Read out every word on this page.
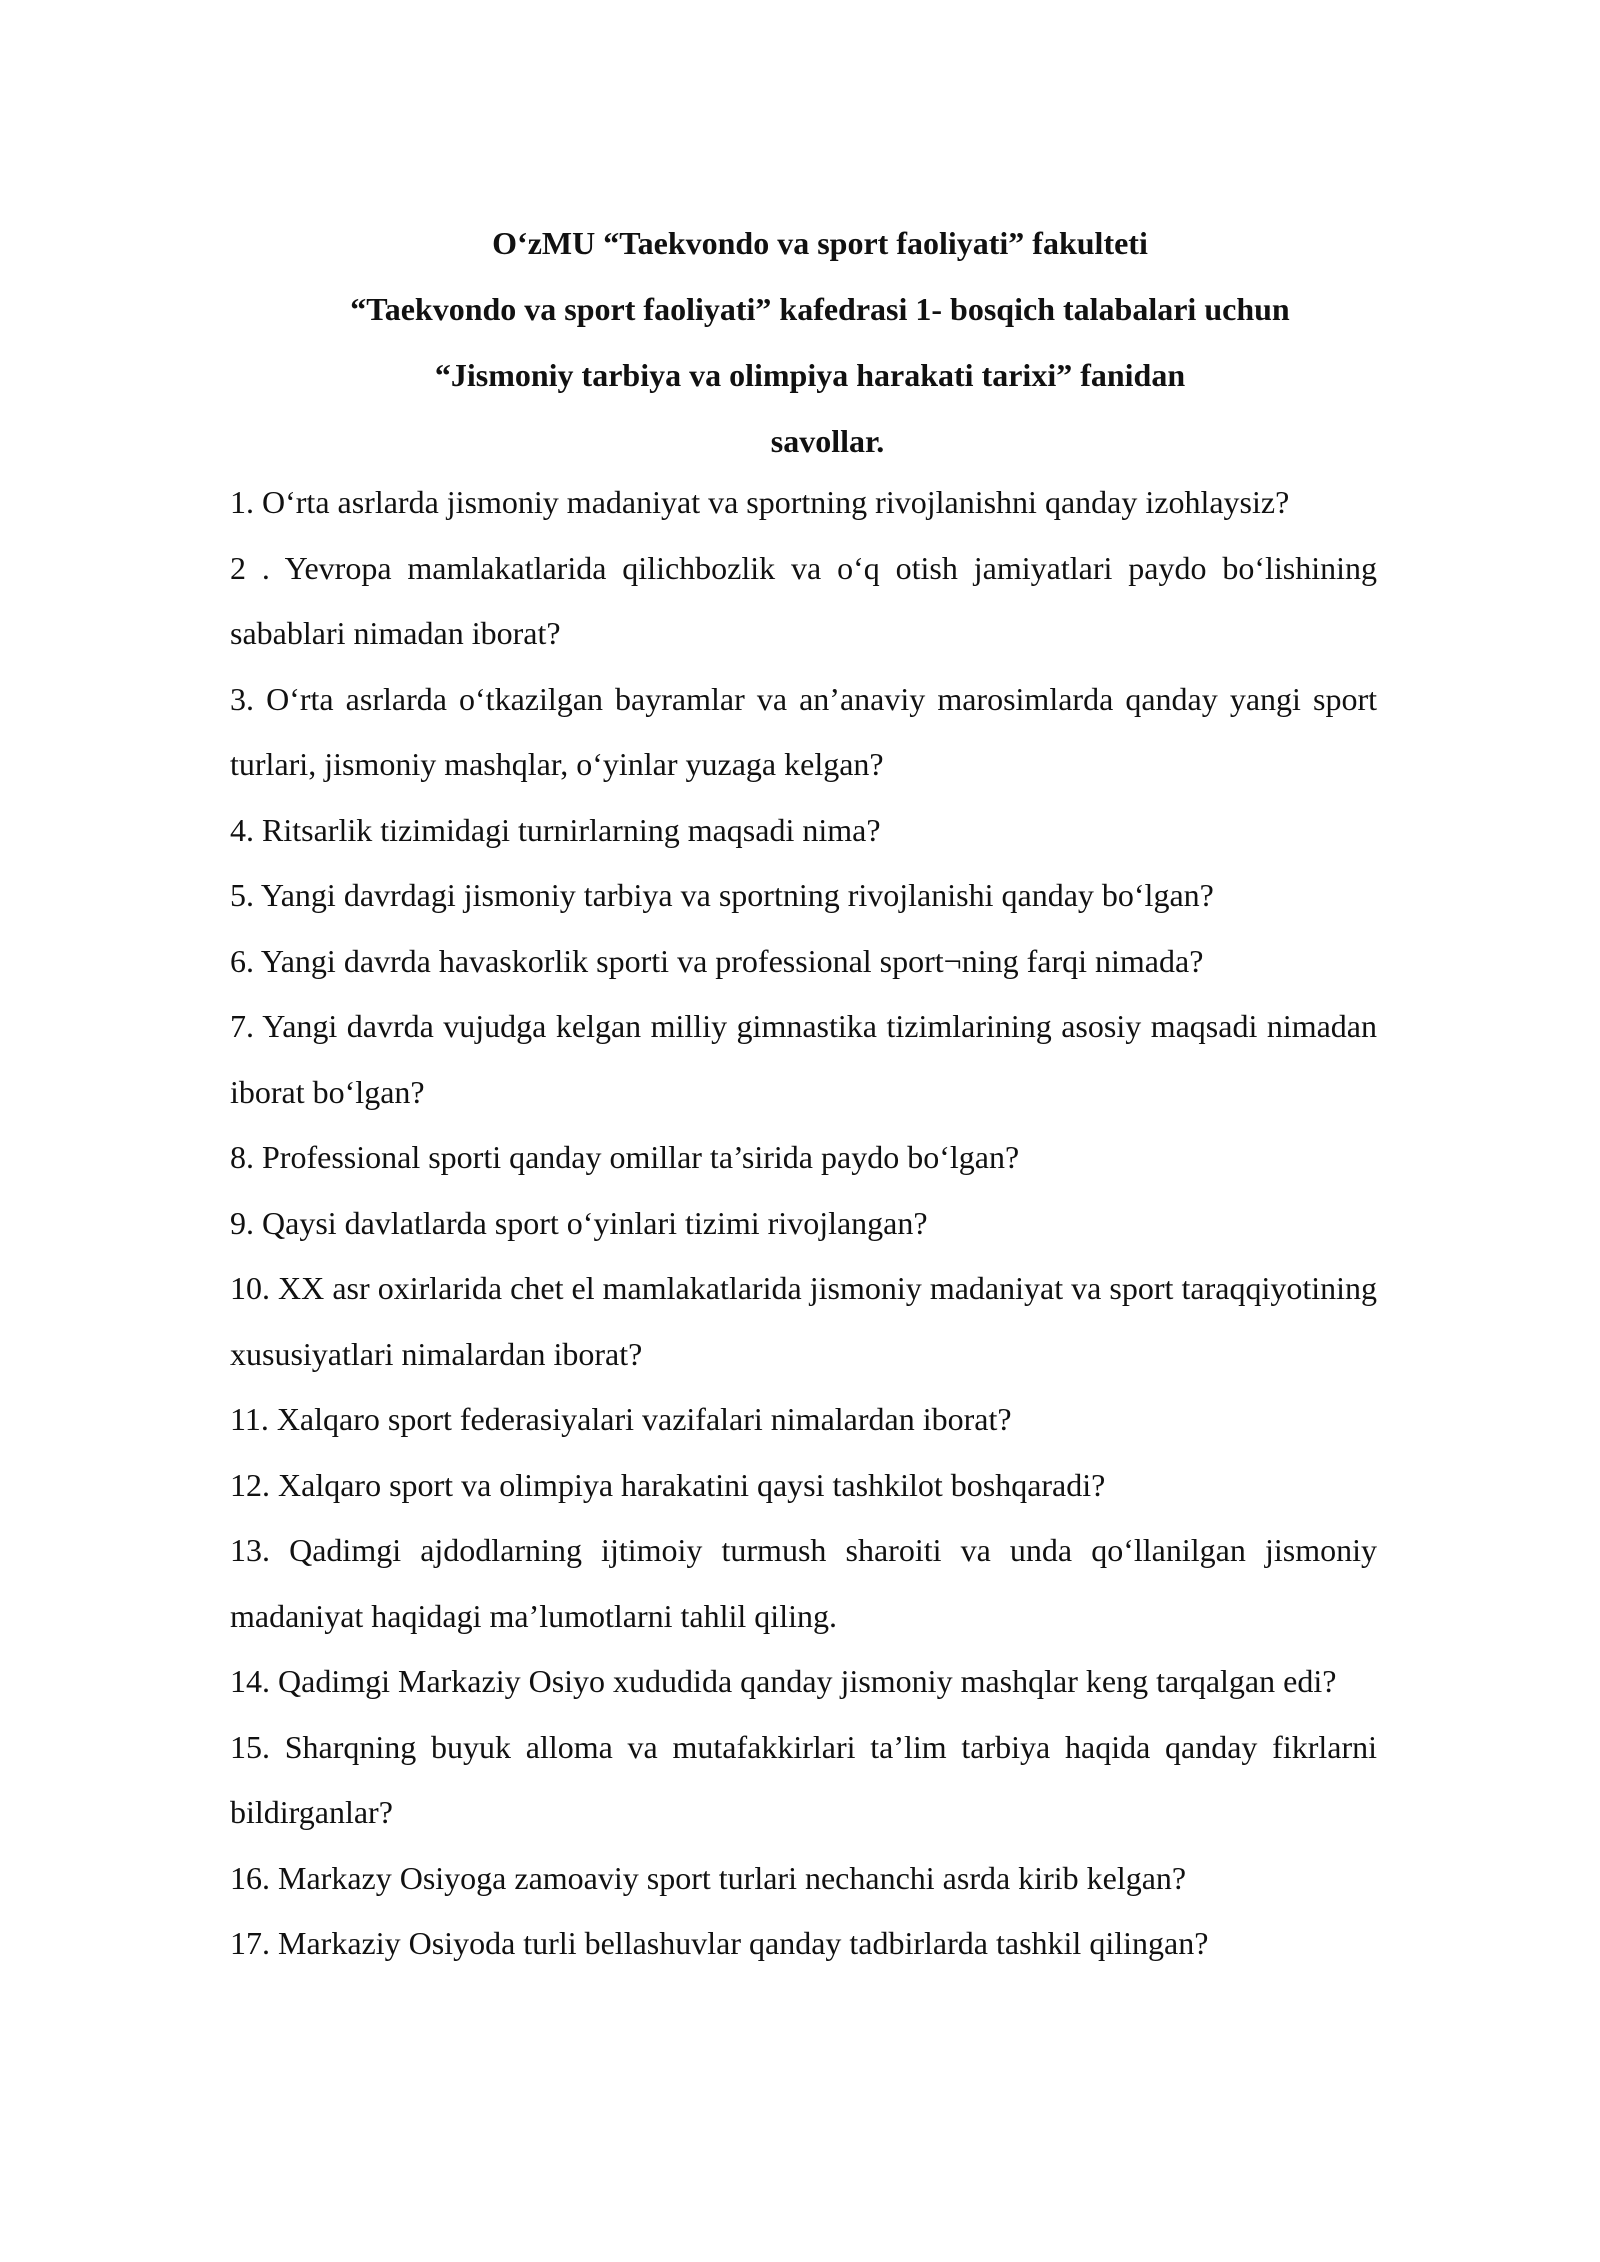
O‘zMU “Taekvondo va sport faoliyati” fakulteti
“Taekvondo va sport faoliyati” kafedrasi 1- bosqich talabalari uchun
“Jismoniy tarbiya va olimpiya harakati tarixi” fanidan
savollar.
1. O‘rta asrlarda jismoniy madaniyat va sportning rivojlanishni qanday izohlaysiz?
2 . Yevropa mamlakatlarida qilichbozlik va o‘q otish jamiyatlari paydo bo‘lishining sabablari nimadan iborat?
3. O‘rta asrlarda o‘tkazilgan bayramlar va an’anaviy marosimlarda qanday yangi sport turlari, jismoniy mashqlar, o‘yinlar yuzaga kelgan?
4. Ritsarlik tizimidagi turnirlarning maqsadi nima?
5. Yangi davrdagi jismoniy tarbiya va sportning rivojlanishi qanday bo‘lgan?
6. Yangi davrda havaskorlik sporti va professional sport¬ning farqi nimada?
7. Yangi davrda vujudga kelgan milliy gimnastika tizimlarining asosiy maqsadi nimadan iborat bo‘lgan?
8. Professional sporti qanday omillar ta’sirida paydo bo‘lgan?
9. Qaysi davlatlarda sport o‘yinlari tizimi rivojlangan?
10. XX asr oxirlarida chet el mamlakatlarida jismoniy madaniyat va sport taraqqiyotining xususiyatlari nimalardan iborat?
11. Xalqaro sport federasiyalari vazifalari nimalardan iborat?
12. Xalqaro sport va olimpiya harakatini qaysi tashkilot boshqaradi?
13. Qadimgi ajdodlarning ijtimoiy turmush sharoiti va unda qo‘llanilgan jismoniy madaniyat haqidagi ma’lumotlarni tahlil qiling.
14. Qadimgi Markaziy Osiyo xududida qanday jismoniy mashqlar keng tarqalgan edi?
15. Sharqning buyuk alloma va mutafakkirlari ta’lim tarbiya haqida qanday fikrlarni bildirganlar?
16. Markazy Osiyoga zamoaviy sport turlari nechanchi asrda kirib kelgan?
17. Markaziy Osiyoda turli bellashuvlar qanday tadbirlarda tashkil qilingan?
